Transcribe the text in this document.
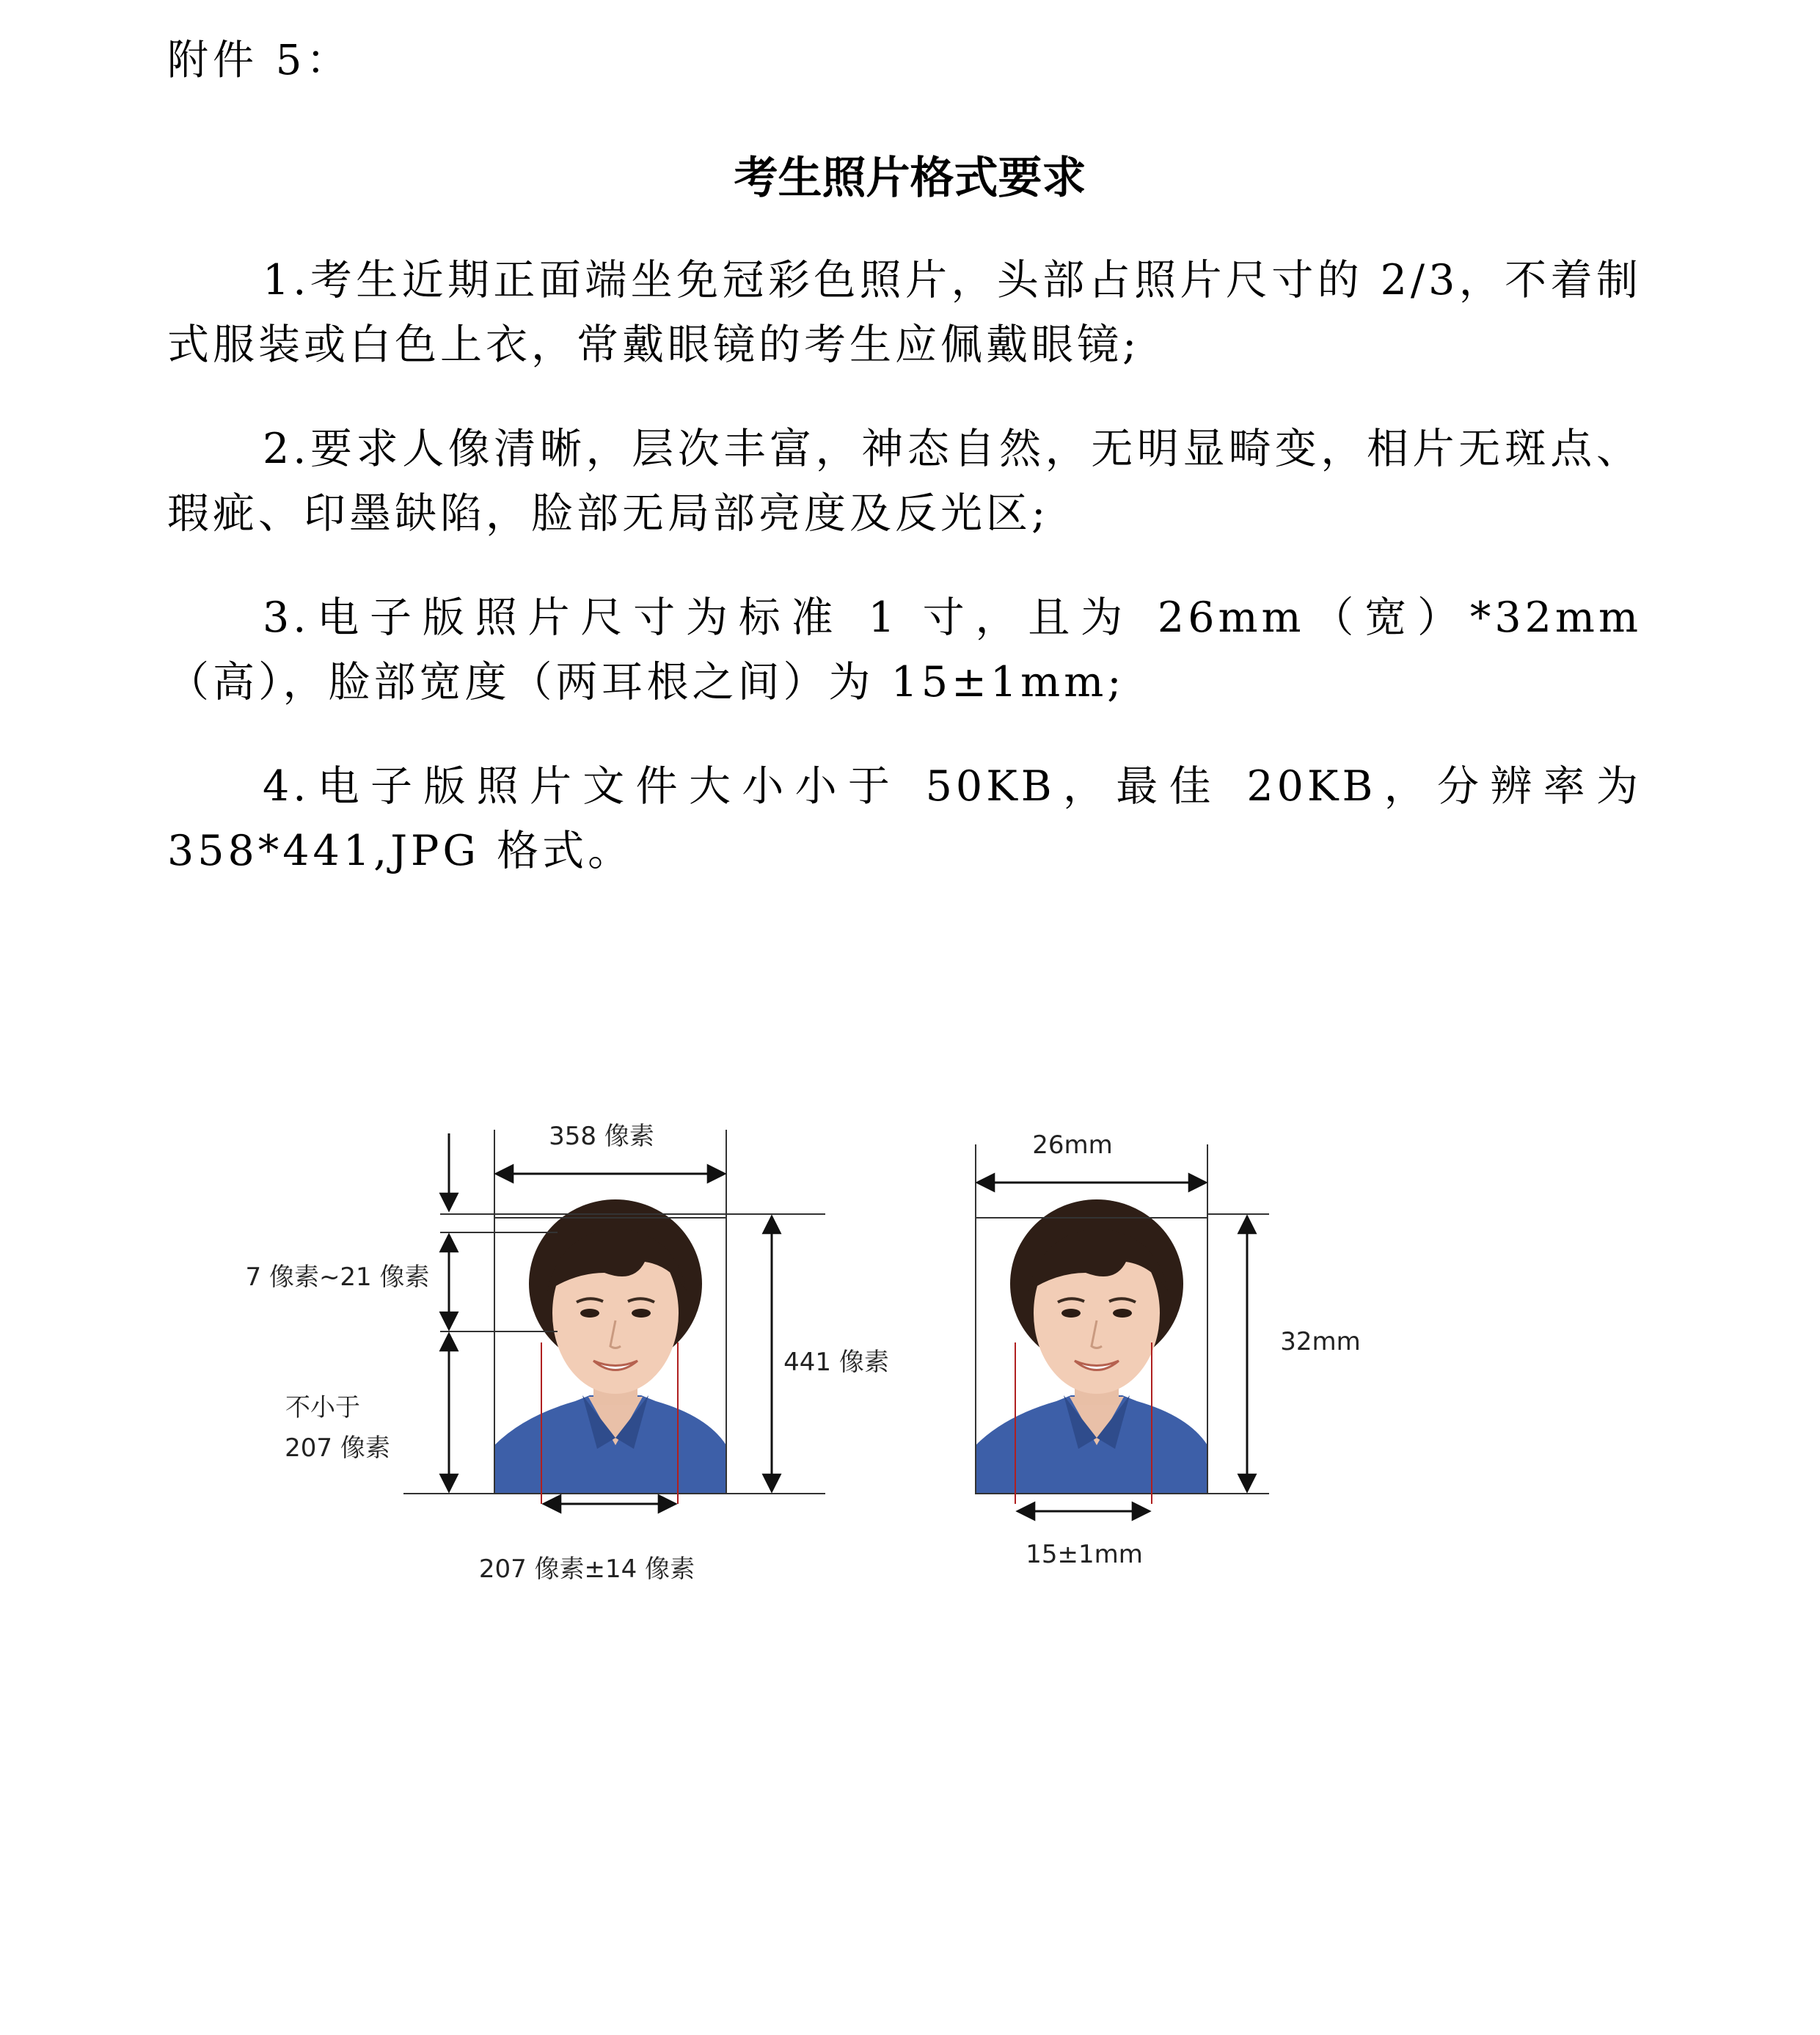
附件 5：
考生照片格式要求
1.考生近期正面端坐免冠彩色照片，头部占照片尺寸的 2/3，不着制式服装或白色上衣，常戴眼镜的考生应佩戴眼镜;
2.要求人像清晰，层次丰富，神态自然，无明显畸变，相片无斑点、瑕疵、印墨缺陷，脸部无局部亮度及反光区;
3.电子版照片尺寸为标准 1 寸，且为 26mm（宽）*32mm（高），脸部宽度（两耳根之间）为 15±1mm;
4.电子版照片文件大小小于 50KB，最佳 20KB，分辨率为 358*441,JPG 格式。
358 像素
441 像素
7 像素~21 像素
不小于
207 像素
207 像素±14 像素
26mm
32mm
15±1mm
